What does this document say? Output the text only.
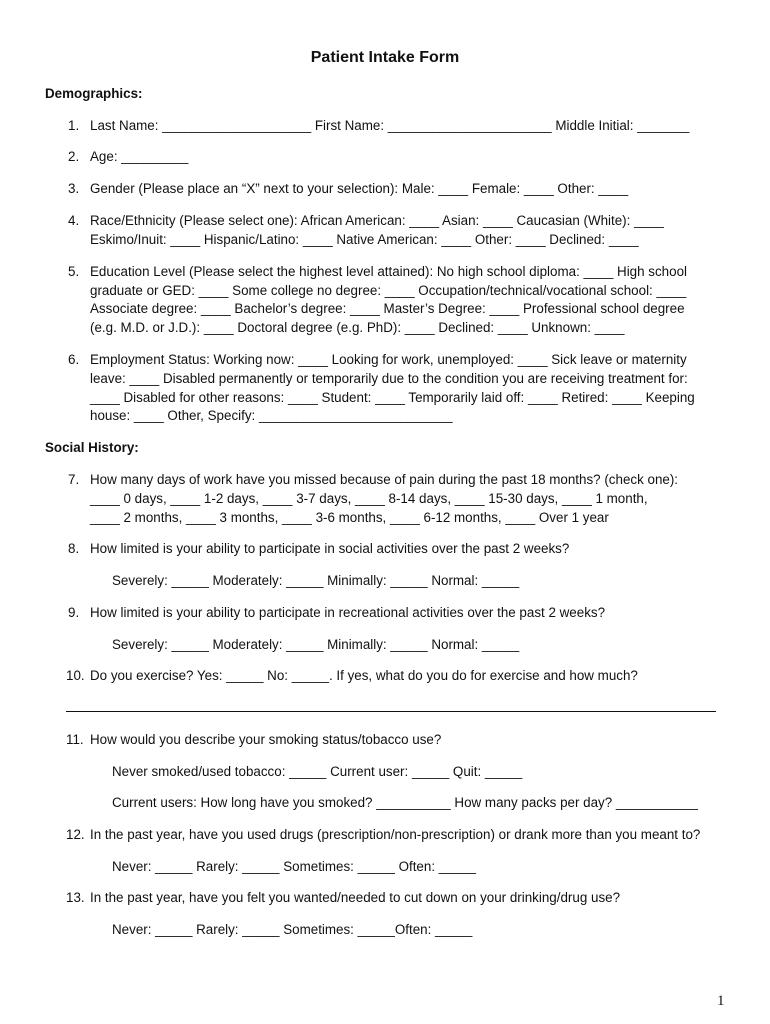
Patient Intake Form
Demographics:
1. Last Name: ____________________ First Name: ______________________ Middle Initial: _______
2. Age: _________
3. Gender (Please place an “X” next to your selection): Male: ____ Female: ____ Other: ____
4. Race/Ethnicity (Please select one): African American: ____ Asian: ____ Caucasian (White): ____
Eskimo/Inuit: ____ Hispanic/Latino: ____ Native American: ____ Other: ____ Declined: ____
5. Education Level (Please select the highest level attained): No high school diploma: ____ High school
graduate or GED: ____ Some college no degree: ____ Occupation/technical/vocational school: ____
Associate degree: ____ Bachelor’s degree: ____ Master’s Degree: ____ Professional school degree
(e.g. M.D. or J.D.): ____ Doctoral degree (e.g. PhD): ____ Declined: ____ Unknown: ____
6. Employment Status: Working now: ____ Looking for work, unemployed: ____ Sick leave or maternity
leave: ____ Disabled permanently or temporarily due to the condition you are receiving treatment for:
____ Disabled for other reasons: ____ Student: ____ Temporarily laid off: ____ Retired: ____ Keeping
house: ____ Other, Specify: __________________________
Social History:
7. How many days of work have you missed because of pain during the past 18 months? (check one):
____ 0 days, ____ 1-2 days, ____ 3-7 days, ____ 8-14 days, ____ 15-30 days, ____ 1 month,
____ 2 months, ____ 3 months, ____ 3-6 months, ____ 6-12 months, ____ Over 1 year
8. How limited is your ability to participate in social activities over the past 2 weeks?
Severely: _____ Moderately: _____ Minimally: _____ Normal: _____
9. How limited is your ability to participate in recreational activities over the past 2 weeks?
Severely: _____ Moderately: _____ Minimally: _____ Normal: _____
10. Do you exercise? Yes: _____ No: _____. If yes, what do you do for exercise and how much?
11. How would you describe your smoking status/tobacco use?
Never smoked/used tobacco: _____ Current user: _____ Quit: _____
Current users: How long have you smoked? __________ How many packs per day? ___________
12. In the past year, have you used drugs (prescription/non-prescription) or drank more than you meant to?
Never: _____ Rarely: _____ Sometimes: _____ Often: _____
13. In the past year, have you felt you wanted/needed to cut down on your drinking/drug use?
Never: _____ Rarely: _____ Sometimes: _____Often: _____
1
